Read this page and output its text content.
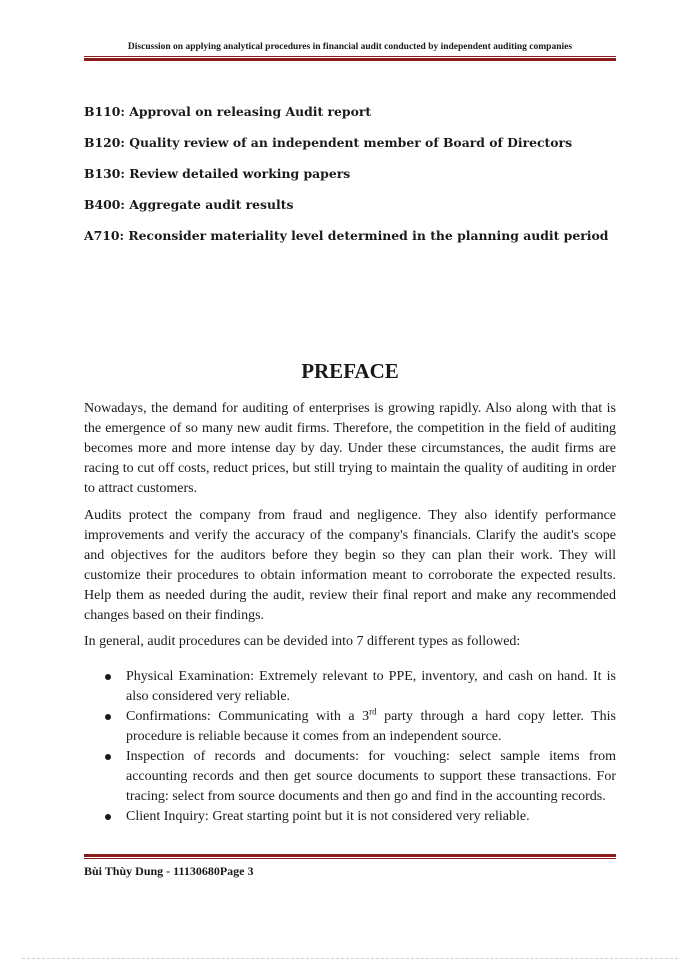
Discussion on applying analytical procedures in financial audit conducted by independent auditing companies
B110: Approval on releasing Audit report
B120: Quality review of an independent member of Board of Directors
B130: Review detailed working papers
B400: Aggregate audit results
A710: Reconsider materiality level determined in the planning audit period
PREFACE

Nowadays, the demand for auditing of enterprises is growing rapidly. Also along with that is the emergence of so many new audit firms. Therefore, the competition in the field of auditing becomes more and more intense day by day. Under these circumstances, the audit firms are racing to cut off costs, reduct prices, but still trying to maintain the quality of auditing in order to attract customers.

Audits protect the company from fraud and negligence. They also identify performance improvements and verify the accuracy of the company's financials. Clarify the audit's scope and objectives for the auditors before they begin so they can plan their work. They will customize their procedures to obtain information meant to corroborate the expected results. Help them as needed during the audit, review their final report and make any recommended changes based on their findings.

In general, audit procedures can be devided into 7 different types as followed:

Physical Examination: Extremely relevant to PPE, inventory, and cash on hand. It is also considered very reliable.
Confirmations: Communicating with a 3rd party through a hard copy letter. This procedure is reliable because it comes from an independent source.
Inspection of records and documents: for vouching: select sample items from accounting records and then get source documents to support these transactions. For tracing: select from source documents and then go and find in the accounting records.
Client Inquiry: Great starting point but it is not considered very reliable.
Bùi Thùy Dung - 11130680Page 3
